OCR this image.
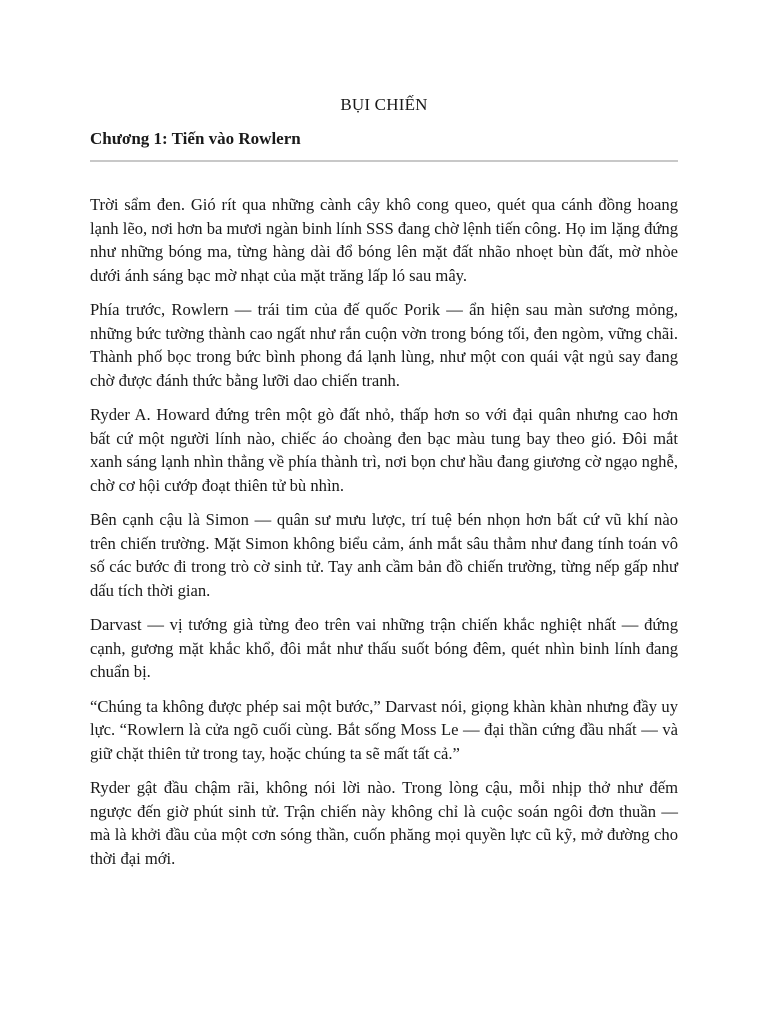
BỤI CHIẾN
Chương 1: Tiến vào Rowlern

Trời sẩm đen. Gió rít qua những cành cây khô cong queo, quét qua cánh đồng hoang lạnh lẽo, nơi hơn ba mươi ngàn binh lính SSS đang chờ lệnh tiến công. Họ im lặng đứng như những bóng ma, từng hàng dài đổ bóng lên mặt đất nhão nhoẹt bùn đất, mờ nhòe dưới ánh sáng bạc mờ nhạt của mặt trăng lấp ló sau mây.

Phía trước, Rowlern — trái tim của đế quốc Porik — ẩn hiện sau màn sương mỏng, những bức tường thành cao ngất như rắn cuộn vờn trong bóng tối, đen ngòm, vững chãi. Thành phố bọc trong bức bình phong đá lạnh lùng, như một con quái vật ngủ say đang chờ được đánh thức bằng lưỡi dao chiến tranh.

Ryder A. Howard đứng trên một gò đất nhỏ, thấp hơn so với đại quân nhưng cao hơn bất cứ một người lính nào, chiếc áo choàng đen bạc màu tung bay theo gió. Đôi mắt xanh sáng lạnh nhìn thẳng về phía thành trì, nơi bọn chư hầu đang giương cờ ngạo nghễ, chờ cơ hội cướp đoạt thiên tử bù nhìn.

Bên cạnh cậu là Simon — quân sư mưu lược, trí tuệ bén nhọn hơn bất cứ vũ khí nào trên chiến trường. Mặt Simon không biểu cảm, ánh mắt sâu thẳm như đang tính toán vô số các bước đi trong trò cờ sinh tử. Tay anh cầm bản đồ chiến trường, từng nếp gấp như dấu tích thời gian.

Darvast — vị tướng già từng đeo trên vai những trận chiến khắc nghiệt nhất — đứng cạnh, gương mặt khắc khổ, đôi mắt như thấu suốt bóng đêm, quét nhìn binh lính đang chuẩn bị.

“Chúng ta không được phép sai một bước,” Darvast nói, giọng khàn khàn nhưng đầy uy lực. “Rowlern là cửa ngõ cuối cùng. Bắt sống Moss Le — đại thần cứng đầu nhất — và giữ chặt thiên tử trong tay, hoặc chúng ta sẽ mất tất cả.”

Ryder gật đầu chậm rãi, không nói lời nào. Trong lòng cậu, mỗi nhịp thở như đếm ngược đến giờ phút sinh tử. Trận chiến này không chỉ là cuộc soán ngôi đơn thuần — mà là khởi đầu của một cơn sóng thần, cuốn phăng mọi quyền lực cũ kỹ, mở đường cho thời đại mới.
